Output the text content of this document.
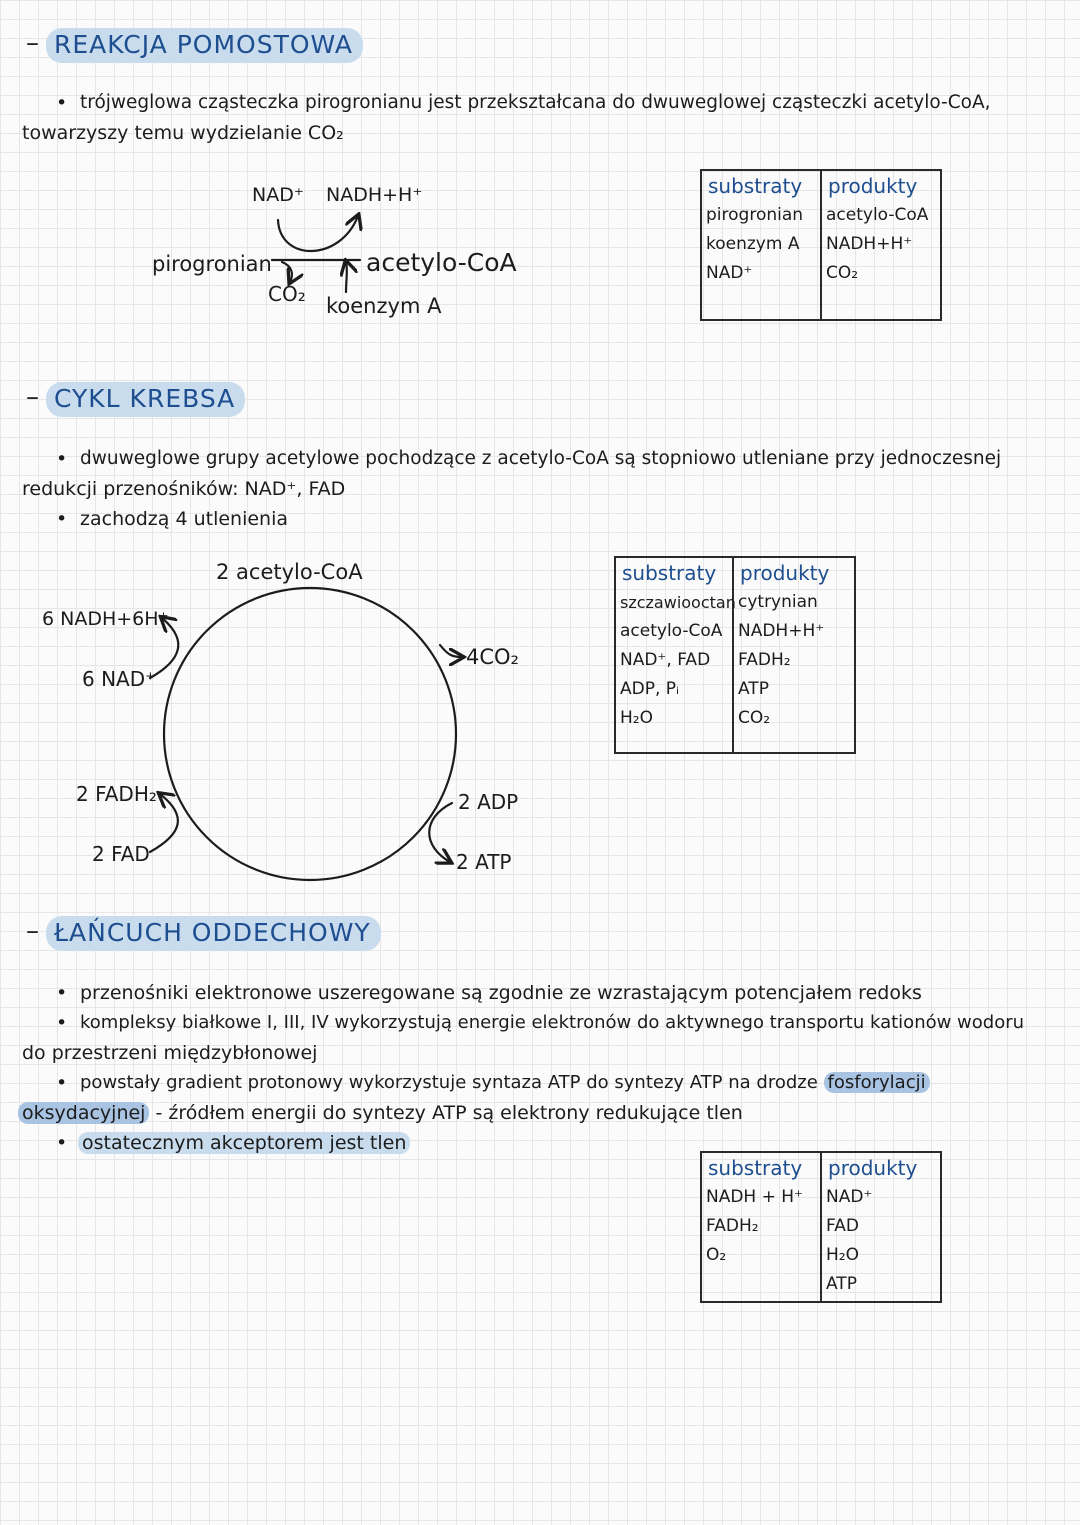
– REAKCJA POMOSTOWA
• trójweglowa cząsteczka pirogronianu jest przekształcana do dwuweglowej cząsteczki acetylo-CoA,
towarzyszy temu wydzielanie CO₂
NAD⁺ NADH+H⁺
pirogronian	acetylo-CoA
CO₂ koenzym A
substraty
pirogronian
koenzym A
NAD⁺
produkty
acetylo-CoA
NADH+H⁺
CO₂
– CYKL KREBSA
• dwuweglowe grupy acetylowe pochodzące z acetylo-CoA są stopniowo utleniane przy jednoczesnej
redukcji przenośników: NAD⁺, FAD
• zachodzą 4 utlenienia
2 acetylo-CoA
6 NADH+6H⁺
6 NAD⁺
2 FADH₂
2 FAD
4CO₂
2 ADP
2 ATP
substraty
szczawiooctan
acetylo-CoA
NAD⁺, FAD
ADP, Pᵢ
H₂O
produkty
cytrynian
NADH+H⁺
FADH₂
ATP
CO₂
– ŁAŃCUCH ODDECHOWY
• przenośniki elektronowe uszeregowane są zgodnie ze wzrastającym potencjałem redoks
• kompleksy białkowe I, III, IV wykorzystują energie elektronów do aktywnego transportu kationów wodoru
do przestrzeni międzybłonowej
• powstały gradient protonowy wykorzystuje syntaza ATP do syntezy ATP na drodze fosforylacji
oksydacyjnej - źródłem energii do syntezy ATP są elektrony redukujące tlen
• ostatecznym akceptorem jest tlen
substraty
NADH + H⁺
FADH₂
O₂
produkty
NAD⁺
FAD
H₂O
ATP
